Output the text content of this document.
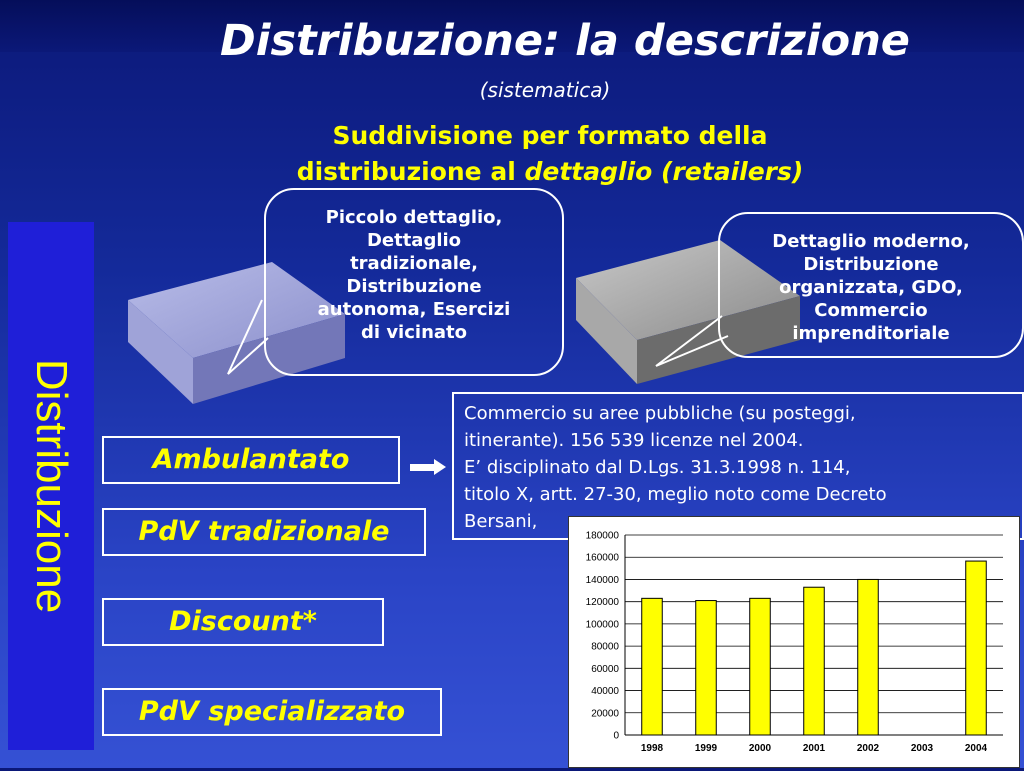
Distribuzione: la descrizione
(sistematica)
Suddivisione per formato della
distribuzione al dettaglio (retailers)
Distribuzione
Piccolo dettaglio,
Dettaglio
tradizionale,
Distribuzione
autonoma, Esercizi
di vicinato
Dettaglio moderno,
Distribuzione
organizzata, GDO,
Commercio
imprenditoriale
Ambulantato
PdV tradizionale
Discount*
PdV specializzato
Commercio su aree pubbliche (su posteggi,
itinerante). 156 539 licenze nel 2004.
E’ disciplinato dal D.Lgs. 31.3.1998 n. 114,
titolo X, artt. 27-30, meglio noto come Decreto
Bersani,
0
20000
40000
60000
80000
100000
120000
140000
160000
180000
1998	1999	2000	2001	2002	2003	2004
